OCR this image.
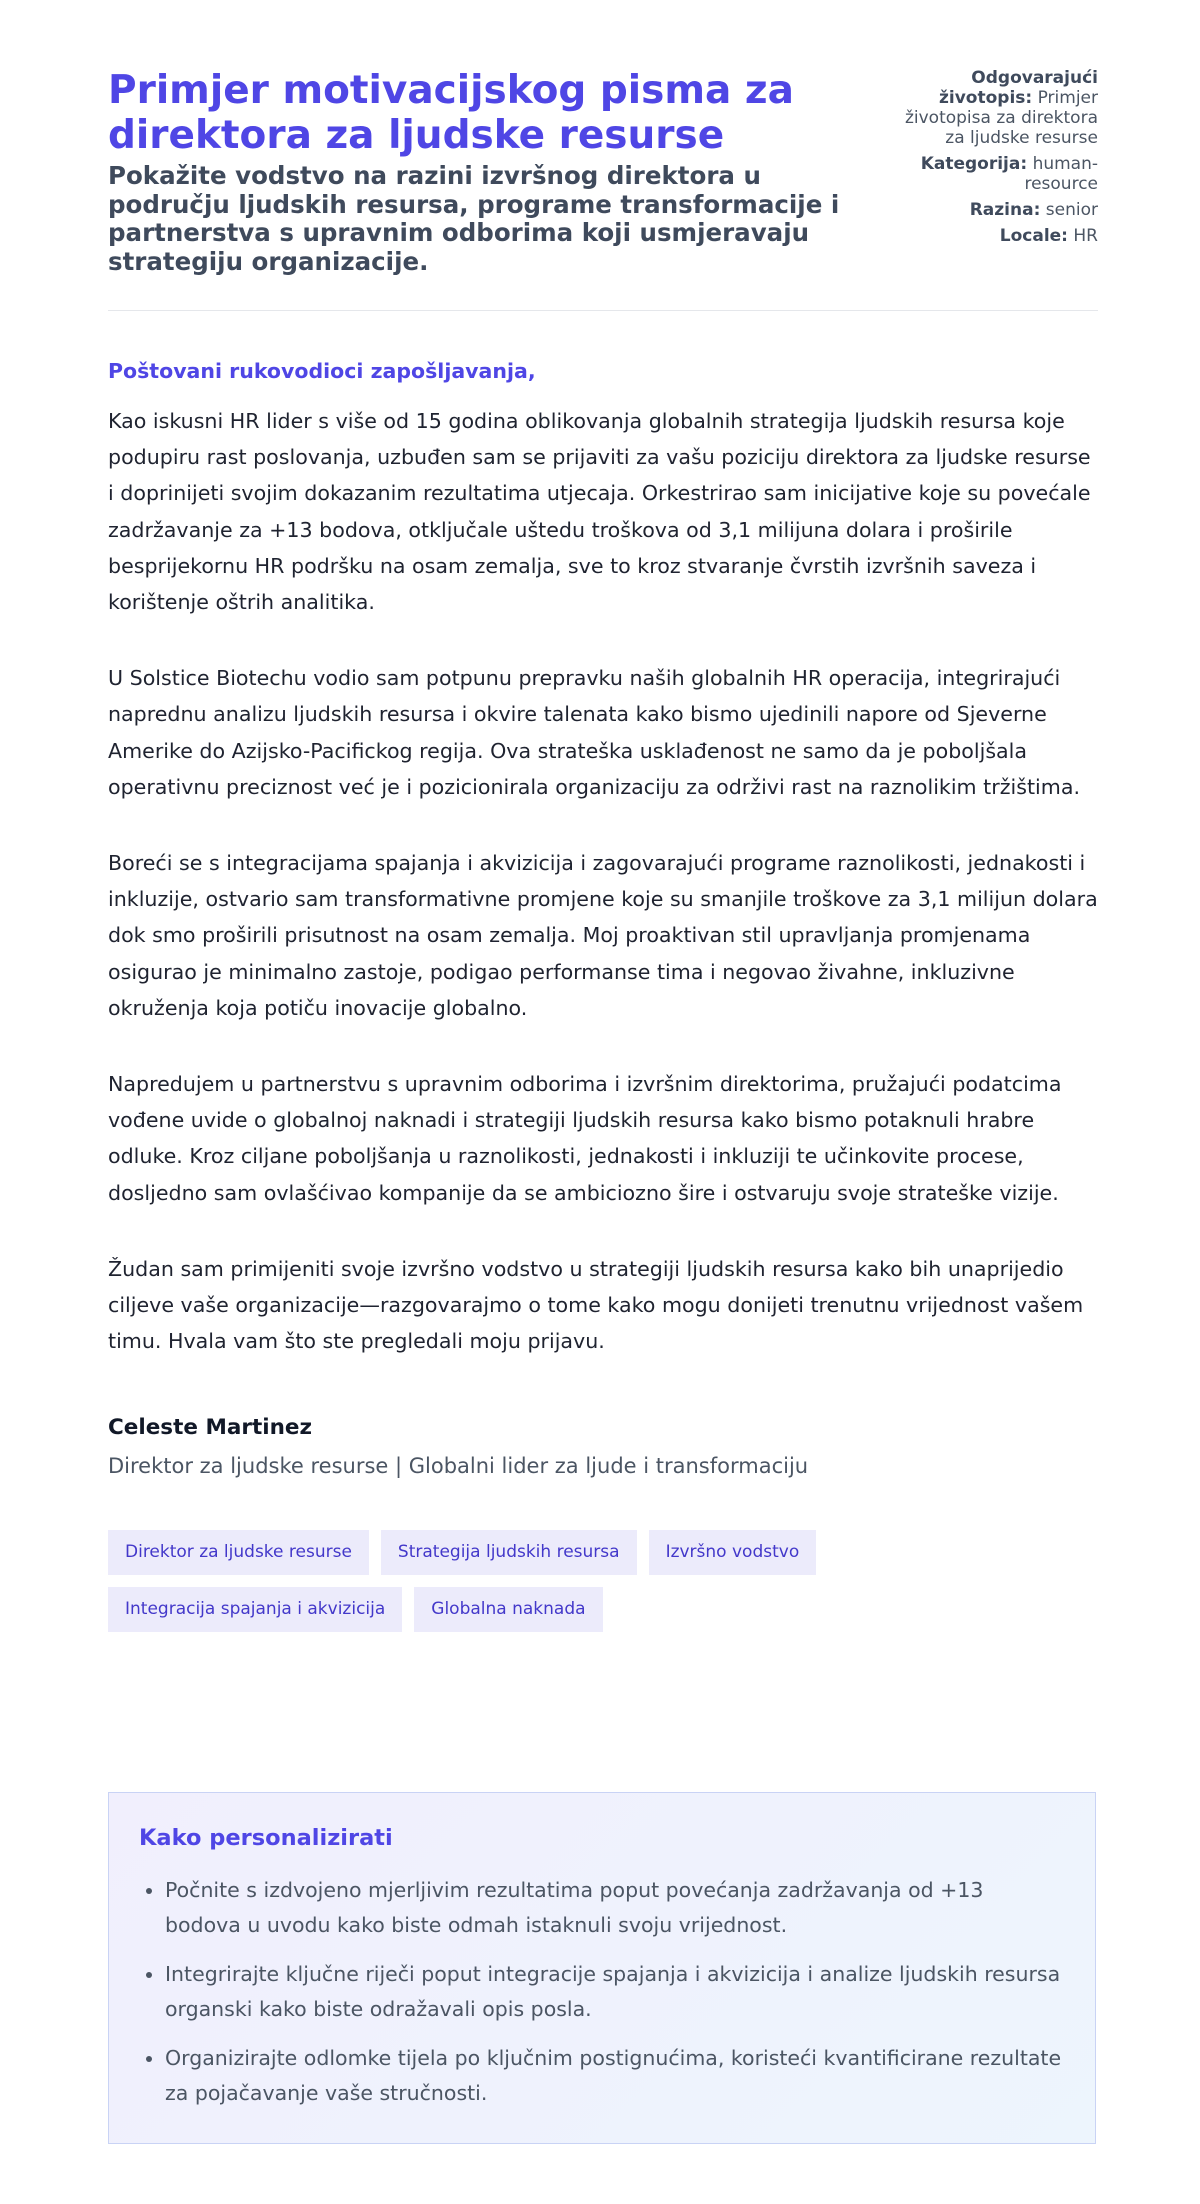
Primjer motivacijskog pisma za direktora za ljudske resurse

Pokažite vodstvo na razini izvršnog direktora u području ljudskih resursa, programe transformacije i partnerstva s upravnim odborima koji usmjeravaju strategiju organizacije.

Odgovarajući životopis: Primjer životopisa za direktora za ljudske resurse
Kategorija: human-resource
Razina: senior
Locale: HR
Poštovani rukovodioci zapošljavanja,

Kao iskusni HR lider s više od 15 godina oblikovanja globalnih strategija ljudskih resursa koje podupiru rast poslovanja, uzbuđen sam se prijaviti za vašu poziciju direktora za ljudske resurse i doprinijeti svojim dokazanim rezultatima utjecaja. Orkestrirao sam inicijative koje su povećale zadržavanje za +13 bodova, otključale uštedu troškova od 3,1 milijuna dolara i proširile besprijekornu HR podršku na osam zemalja, sve to kroz stvaranje čvrstih izvršnih saveza i korištenje oštrih analitika.

U Solstice Biotechu vodio sam potpunu prepravku naših globalnih HR operacija, integrirajući naprednu analizu ljudskih resursa i okvire talenata kako bismo ujedinili napore od Sjeverne Amerike do Azijsko-Pacifickog regija. Ova strateška usklađenost ne samo da je poboljšala operativnu preciznost već je i pozicionirala organizaciju za održivi rast na raznolikim tržištima.

Boreći se s integracijama spajanja i akvizicija i zagovarajući programe raznolikosti, jednakosti i inkluzije, ostvario sam transformativne promjene koje su smanjile troškove za 3,1 milijun dolara dok smo proširili prisutnost na osam zemalja. Moj proaktivan stil upravljanja promjenama osigurao je minimalno zastoje, podigao performanse tima i negovao živahne, inkluzivne okruženja koja potiču inovacije globalno.

Napredujem u partnerstvu s upravnim odborima i izvršnim direktorima, pružajući podatcima vođene uvide o globalnoj naknadi i strategiji ljudskih resursa kako bismo potaknuli hrabre odluke. Kroz ciljane poboljšanja u raznolikosti, jednakosti i inkluziji te učinkovite procese, dosljedno sam ovlašćivao kompanije da se ambiciozno šire i ostvaruju svoje strateške vizije.

Žudan sam primijeniti svoje izvršno vodstvo u strategiji ljudskih resursa kako bih unaprijedio ciljeve vaše organizacije—razgovarajmo o tome kako mogu donijeti trenutnu vrijednost vašem timu. Hvala vam što ste pregledali moju prijavu.

Celeste Martinez
Direktor za ljudske resurse | Globalni lider za ljude i transformaciju
Direktor za ljudske resurse	Strategija ljudskih resursa	Izvršno vodstvo
Integracija spajanja i akvizicija	Globalna naknada
Kako personalizirati
• Počnite s izdvojeno mjerljivim rezultatima poput povećanja zadržavanja od +13 bodova u uvodu kako biste odmah istaknuli svoju vrijednost.
• Integrirajte ključne riječi poput integracije spajanja i akvizicija i analize ljudskih resursa organski kako biste odražavali opis posla.
• Organizirajte odlomke tijela po ključnim postignućima, koristeći kvantificirane rezultate za pojačavanje vaše stručnosti.
